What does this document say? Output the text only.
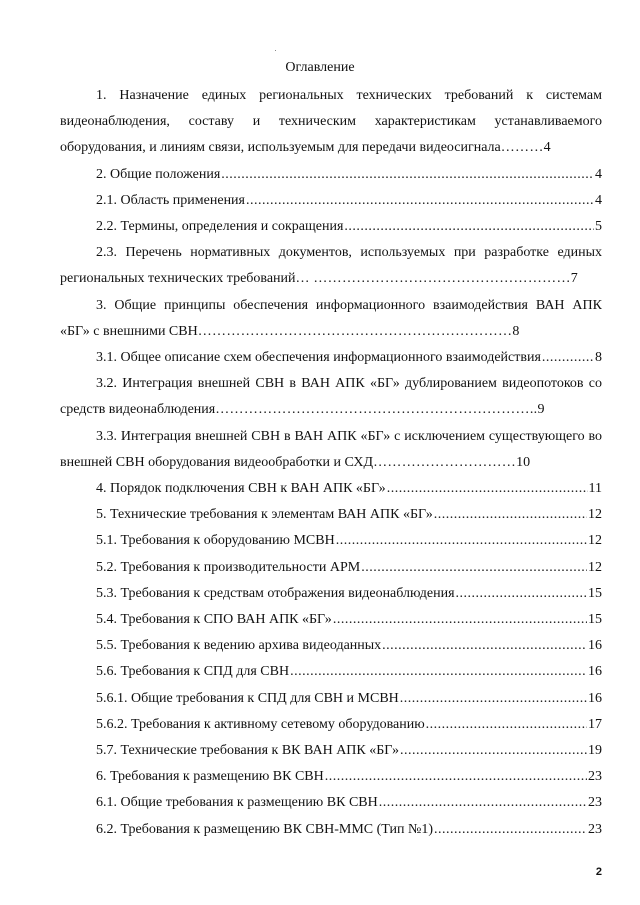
Оглавление
1. Назначение единых региональных технических требований к системам видеонаблюдения, составу и техническим характеристикам устанавливаемого оборудования, и линиям связи, используемым для передачи видеосигнала………4
2. Общие положения .....	4
2.1. Область применения .....	4
2.2. Термины, определения и сокращения .....	5
2.3. Перечень нормативных документов, используемых при разработке единых региональных технических требований… ………………………………………………7
3. Общие принципы обеспечения информационного взаимодействия ВАН АПК «БГ» с внешними СВН…………………………………………………………8
3.1. Общее описание схем обеспечения информационного взаимодействия .....	8
3.2. Интеграция внешней СВН в ВАН АПК «БГ» дублированием видеопотоков со средств видеонаблюдения…………………………………………………………..9
3.3. Интеграция внешней СВН в ВАН АПК «БГ» с исключением существующего во внешней СВН оборудования видеообработки и СХД…………………………10
4. Порядок подключения СВН к ВАН АПК «БГ» .....	11
5. Технические требования к элементам ВАН АПК «БГ» .....	12
5.1. Требования к оборудованию МСВН .....	12
5.2. Требования к производительности АРМ .....	12
5.3. Требования к средствам отображения видеонаблюдения .....	15
5.4. Требования к СПО ВАН АПК «БГ» .....	15
5.5. Требования к ведению архива видеоданных .....	16
5.6. Требования к СПД для СВН .....	16
5.6.1. Общие требования к СПД для СВН и МСВН .....	16
5.6.2. Требования к активному сетевому оборудованию .....	17
5.7. Технические требования к ВК ВАН АПК «БГ» .....	19
6. Требования к размещению ВК СВН .....	23
6.1. Общие требования к размещению ВК СВН .....	23
6.2. Требования к размещению ВК СВН-ММС (Тип №1) .....	23
2
